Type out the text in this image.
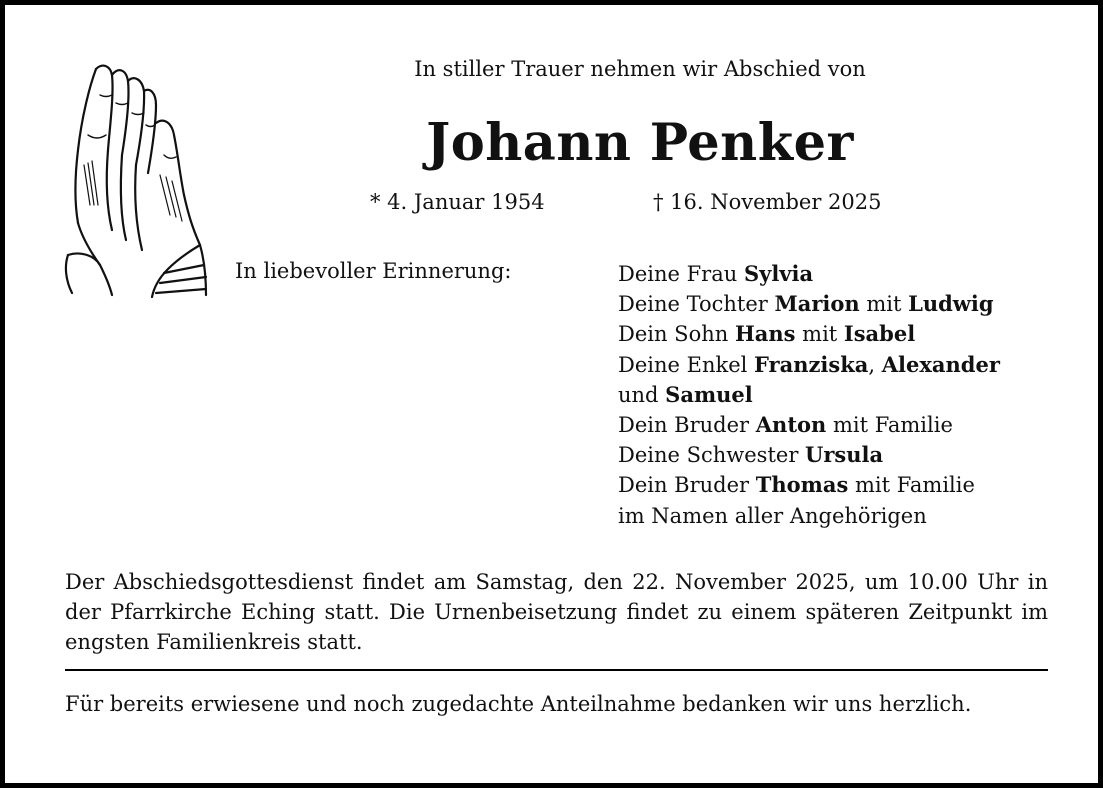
In stiller Trauer nehmen wir Abschied von
Johann Penker
* 4. Januar 1954	† 16. November 2025
In liebevoller Erinnerung:	Deine Frau Sylvia
Deine Tochter Marion mit Ludwig
Dein Sohn Hans mit Isabel
Deine Enkel Franziska, Alexander
und Samuel
Dein Bruder Anton mit Familie
Deine Schwester Ursula
Dein Bruder Thomas mit Familie
im Namen aller Angehörigen
Der Abschiedsgottesdienst findet am Samstag, den 22. November 2025, um 10.00 Uhr in der Pfarrkirche Eching statt. Die Urnenbeisetzung findet zu einem späteren Zeitpunkt im engsten Familienkreis statt.
Für bereits erwiesene und noch zugedachte Anteilnahme bedanken wir uns herzlich.
